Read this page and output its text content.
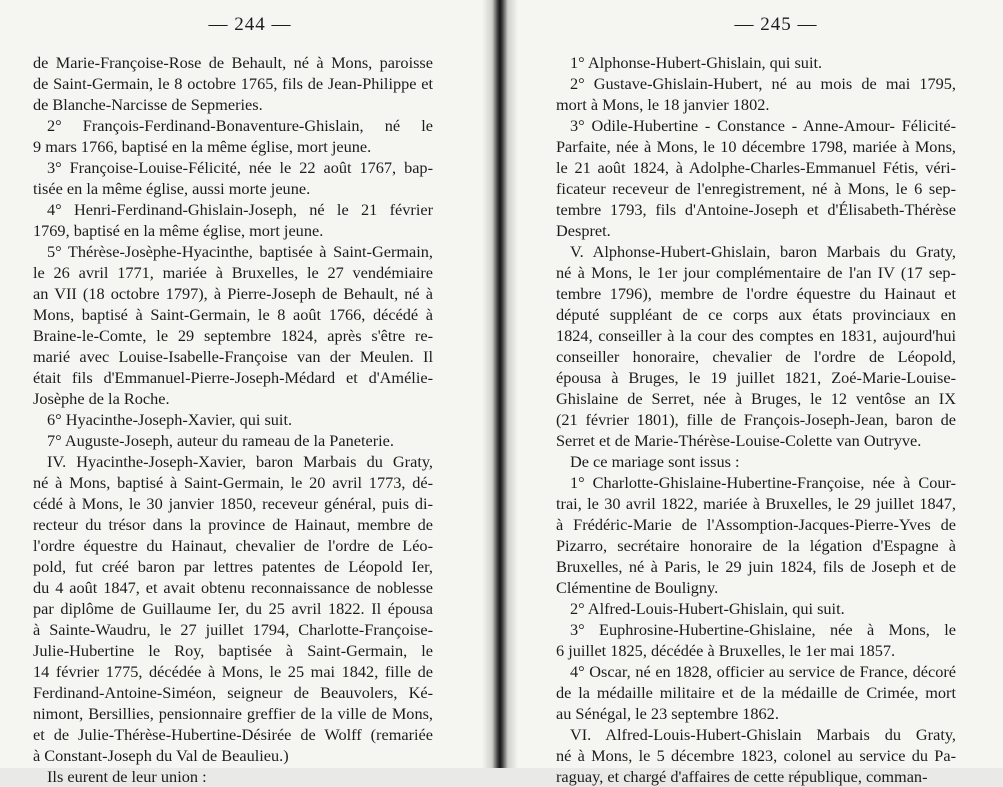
— 244 —
de Marie-Françoise-Rose de Behault, né à Mons, paroisse
de Saint-Germain, le 8 octobre 1765, fils de Jean-Philippe et
de Blanche-Narcisse de Sepmeries.
2° François-Ferdinand-Bonaventure-Ghislain, né le
9 mars 1766, baptisé en la même église, mort jeune.
3° Françoise-Louise-Félicité, née le 22 août 1767, bap-
tisée en la même église, aussi morte jeune.
4° Henri-Ferdinand-Ghislain-Joseph, né le 21 février
1769, baptisé en la même église, mort jeune.
5° Thérèse-Josèphe-Hyacinthe, baptisée à Saint-Germain,
le 26 avril 1771, mariée à Bruxelles, le 27 vendémiaire
an VII (18 octobre 1797), à Pierre-Joseph de Behault, né à
Mons, baptisé à Saint-Germain, le 8 août 1766, décédé à
Braine-le-Comte, le 29 septembre 1824, après s'être re-
marié avec Louise-Isabelle-Françoise van der Meulen. Il
était fils d'Emmanuel-Pierre-Joseph-Médard et d'Amélie-
Josèphe de la Roche.
6° Hyacinthe-Joseph-Xavier, qui suit.
7° Auguste-Joseph, auteur du rameau de la Paneterie.
IV. Hyacinthe-Joseph-Xavier, baron Marbais du Graty,
né à Mons, baptisé à Saint-Germain, le 20 avril 1773, dé-
cédé à Mons, le 30 janvier 1850, receveur général, puis di-
recteur du trésor dans la province de Hainaut, membre de
l'ordre équestre du Hainaut, chevalier de l'ordre de Léo-
pold, fut créé baron par lettres patentes de Léopold Ier,
du 4 août 1847, et avait obtenu reconnaissance de noblesse
par diplôme de Guillaume Ier, du 25 avril 1822. Il épousa
à Sainte-Waudru, le 27 juillet 1794, Charlotte-Françoise-
Julie-Hubertine le Roy, baptisée à Saint-Germain, le
14 février 1775, décédée à Mons, le 25 mai 1842, fille de
Ferdinand-Antoine-Siméon, seigneur de Beauvolers, Ké-
nimont, Bersillies, pensionnaire greffier de la ville de Mons,
et de Julie-Thérèse-Hubertine-Désirée de Wolff (remariée
à Constant-Joseph du Val de Beaulieu.)
Ils eurent de leur union :
— 245 —
1° Alphonse-Hubert-Ghislain, qui suit.
2° Gustave-Ghislain-Hubert, né au mois de mai 1795,
mort à Mons, le 18 janvier 1802.
3° Odile-Hubertine - Constance - Anne-Amour- Félicité-
Parfaite, née à Mons, le 10 décembre 1798, mariée à Mons,
le 21 août 1824, à Adolphe-Charles-Emmanuel Fétis, véri-
ficateur receveur de l'enregistrement, né à Mons, le 6 sep-
tembre 1793, fils d'Antoine-Joseph et d'Élisabeth-Thérèse
Despret.
V. Alphonse-Hubert-Ghislain, baron Marbais du Graty,
né à Mons, le 1er jour complémentaire de l'an IV (17 sep-
tembre 1796), membre de l'ordre équestre du Hainaut et
député suppléant de ce corps aux états provinciaux en
1824, conseiller à la cour des comptes en 1831, aujourd'hui
conseiller honoraire, chevalier de l'ordre de Léopold,
épousa à Bruges, le 19 juillet 1821, Zoé-Marie-Louise-
Ghislaine de Serret, née à Bruges, le 12 ventôse an IX
(21 février 1801), fille de François-Joseph-Jean, baron de
Serret et de Marie-Thérèse-Louise-Colette van Outryve.
De ce mariage sont issus :
1° Charlotte-Ghislaine-Hubertine-Françoise, née à Cour-
trai, le 30 avril 1822, mariée à Bruxelles, le 29 juillet 1847,
à Frédéric-Marie de l'Assomption-Jacques-Pierre-Yves de
Pizarro, secrétaire honoraire de la légation d'Espagne à
Bruxelles, né à Paris, le 29 juin 1824, fils de Joseph et de
Clémentine de Bouligny.
2° Alfred-Louis-Hubert-Ghislain, qui suit.
3° Euphrosine-Hubertine-Ghislaine, née à Mons, le
6 juillet 1825, décédée à Bruxelles, le 1er mai 1857.
4° Oscar, né en 1828, officier au service de France, décoré
de la médaille militaire et de la médaille de Crimée, mort
au Sénégal, le 23 septembre 1862.
VI. Alfred-Louis-Hubert-Ghislain Marbais du Graty,
né à Mons, le 5 décembre 1823, colonel au service du Pa-
raguay, et chargé d'affaires de cette république, comman-
